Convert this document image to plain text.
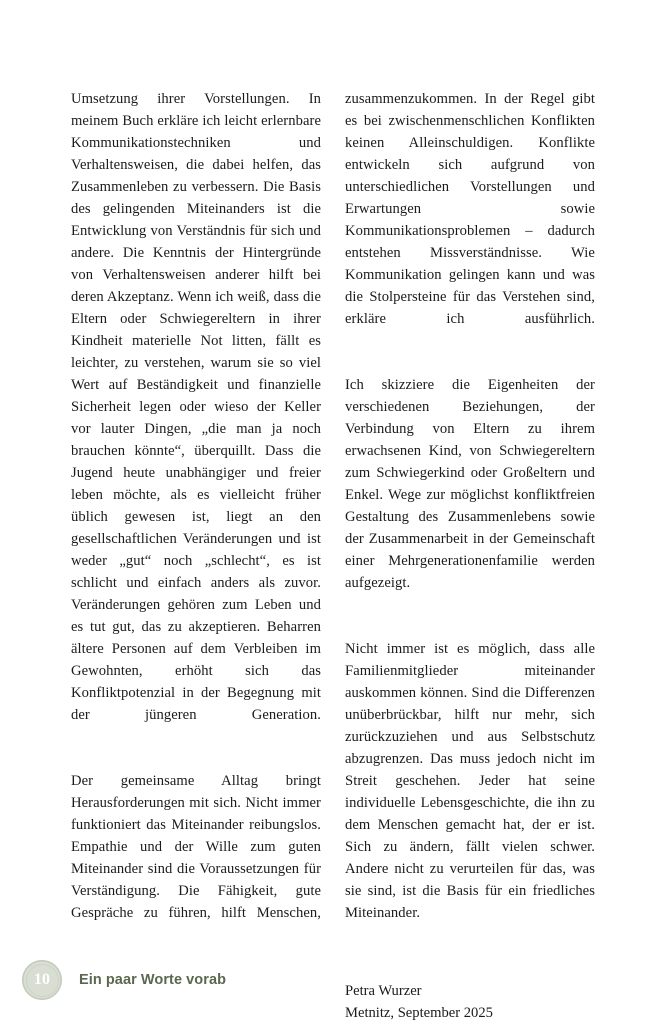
Umsetzung ihrer Vorstellungen. In meinem Buch erkläre ich leicht erlernbare Kommunikationstechniken und Verhaltensweisen, die dabei helfen, das Zusammenleben zu verbessern. Die Basis des gelingenden Miteinanders ist die Entwicklung von Verständnis für sich und andere. Die Kenntnis der Hintergründe von Verhaltensweisen anderer hilft bei deren Akzeptanz. Wenn ich weiß, dass die Eltern oder Schwiegereltern in ihrer Kindheit materielle Not litten, fällt es leichter, zu verstehen, warum sie so viel Wert auf Beständigkeit und finanzielle Sicherheit legen oder wieso der Keller vor lauter Dingen, „die man ja noch brauchen könnte“, überquillt. Dass die Jugend heute unabhängiger und freier leben möchte, als es vielleicht früher üblich gewesen ist, liegt an den gesellschaftlichen Veränderungen und ist weder „gut“ noch „schlecht“, es ist schlicht und einfach anders als zuvor. Veränderungen gehören zum Leben und es tut gut, das zu akzeptieren. Beharren ältere Personen auf dem Verbleiben im Gewohnten, erhöht sich das Konfliktpotenzial in der Begegnung mit der jüngeren Generation.

Der gemeinsame Alltag bringt Herausforderungen mit sich. Nicht immer funktioniert das Miteinander reibungslos. Empathie und der Wille zum guten Miteinander sind die Voraussetzungen für Verständigung. Die Fähigkeit, gute Gespräche zu führen, hilft Menschen,

zusammenzukommen. In der Regel gibt es bei zwischenmenschlichen Konflikten keinen Alleinschuldigen. Konflikte entwickeln sich aufgrund von unterschiedlichen Vorstellungen und Erwartungen sowie Kommunikationsproblemen – dadurch entstehen Missverständnisse. Wie Kommunikation gelingen kann und was die Stolpersteine für das Verstehen sind, erkläre ich ausführlich.

Ich skizziere die Eigenheiten der verschiedenen Beziehungen, der Verbindung von Eltern zu ihrem erwachsenen Kind, von Schwiegereltern zum Schwiegerkind oder Großeltern und Enkel. Wege zur möglichst konfliktfreien Gestaltung des Zusammenlebens sowie der Zusammenarbeit in der Gemeinschaft einer Mehrgenerationenfamilie werden aufgezeigt.

Nicht immer ist es möglich, dass alle Familienmitglieder miteinander auskommen können. Sind die Differenzen unüberbrückbar, hilft nur mehr, sich zurückzuziehen und aus Selbstschutz abzugrenzen. Das muss jedoch nicht im Streit geschehen. Jeder hat seine individuelle Lebensgeschichte, die ihn zu dem Menschen gemacht hat, der er ist. Sich zu ändern, fällt vielen schwer. Andere nicht zu verurteilen für das, was sie sind, ist die Basis für ein friedliches Miteinander.

Petra Wurzer
Metnitz, September 2025
10 Ein paar Worte vorab
